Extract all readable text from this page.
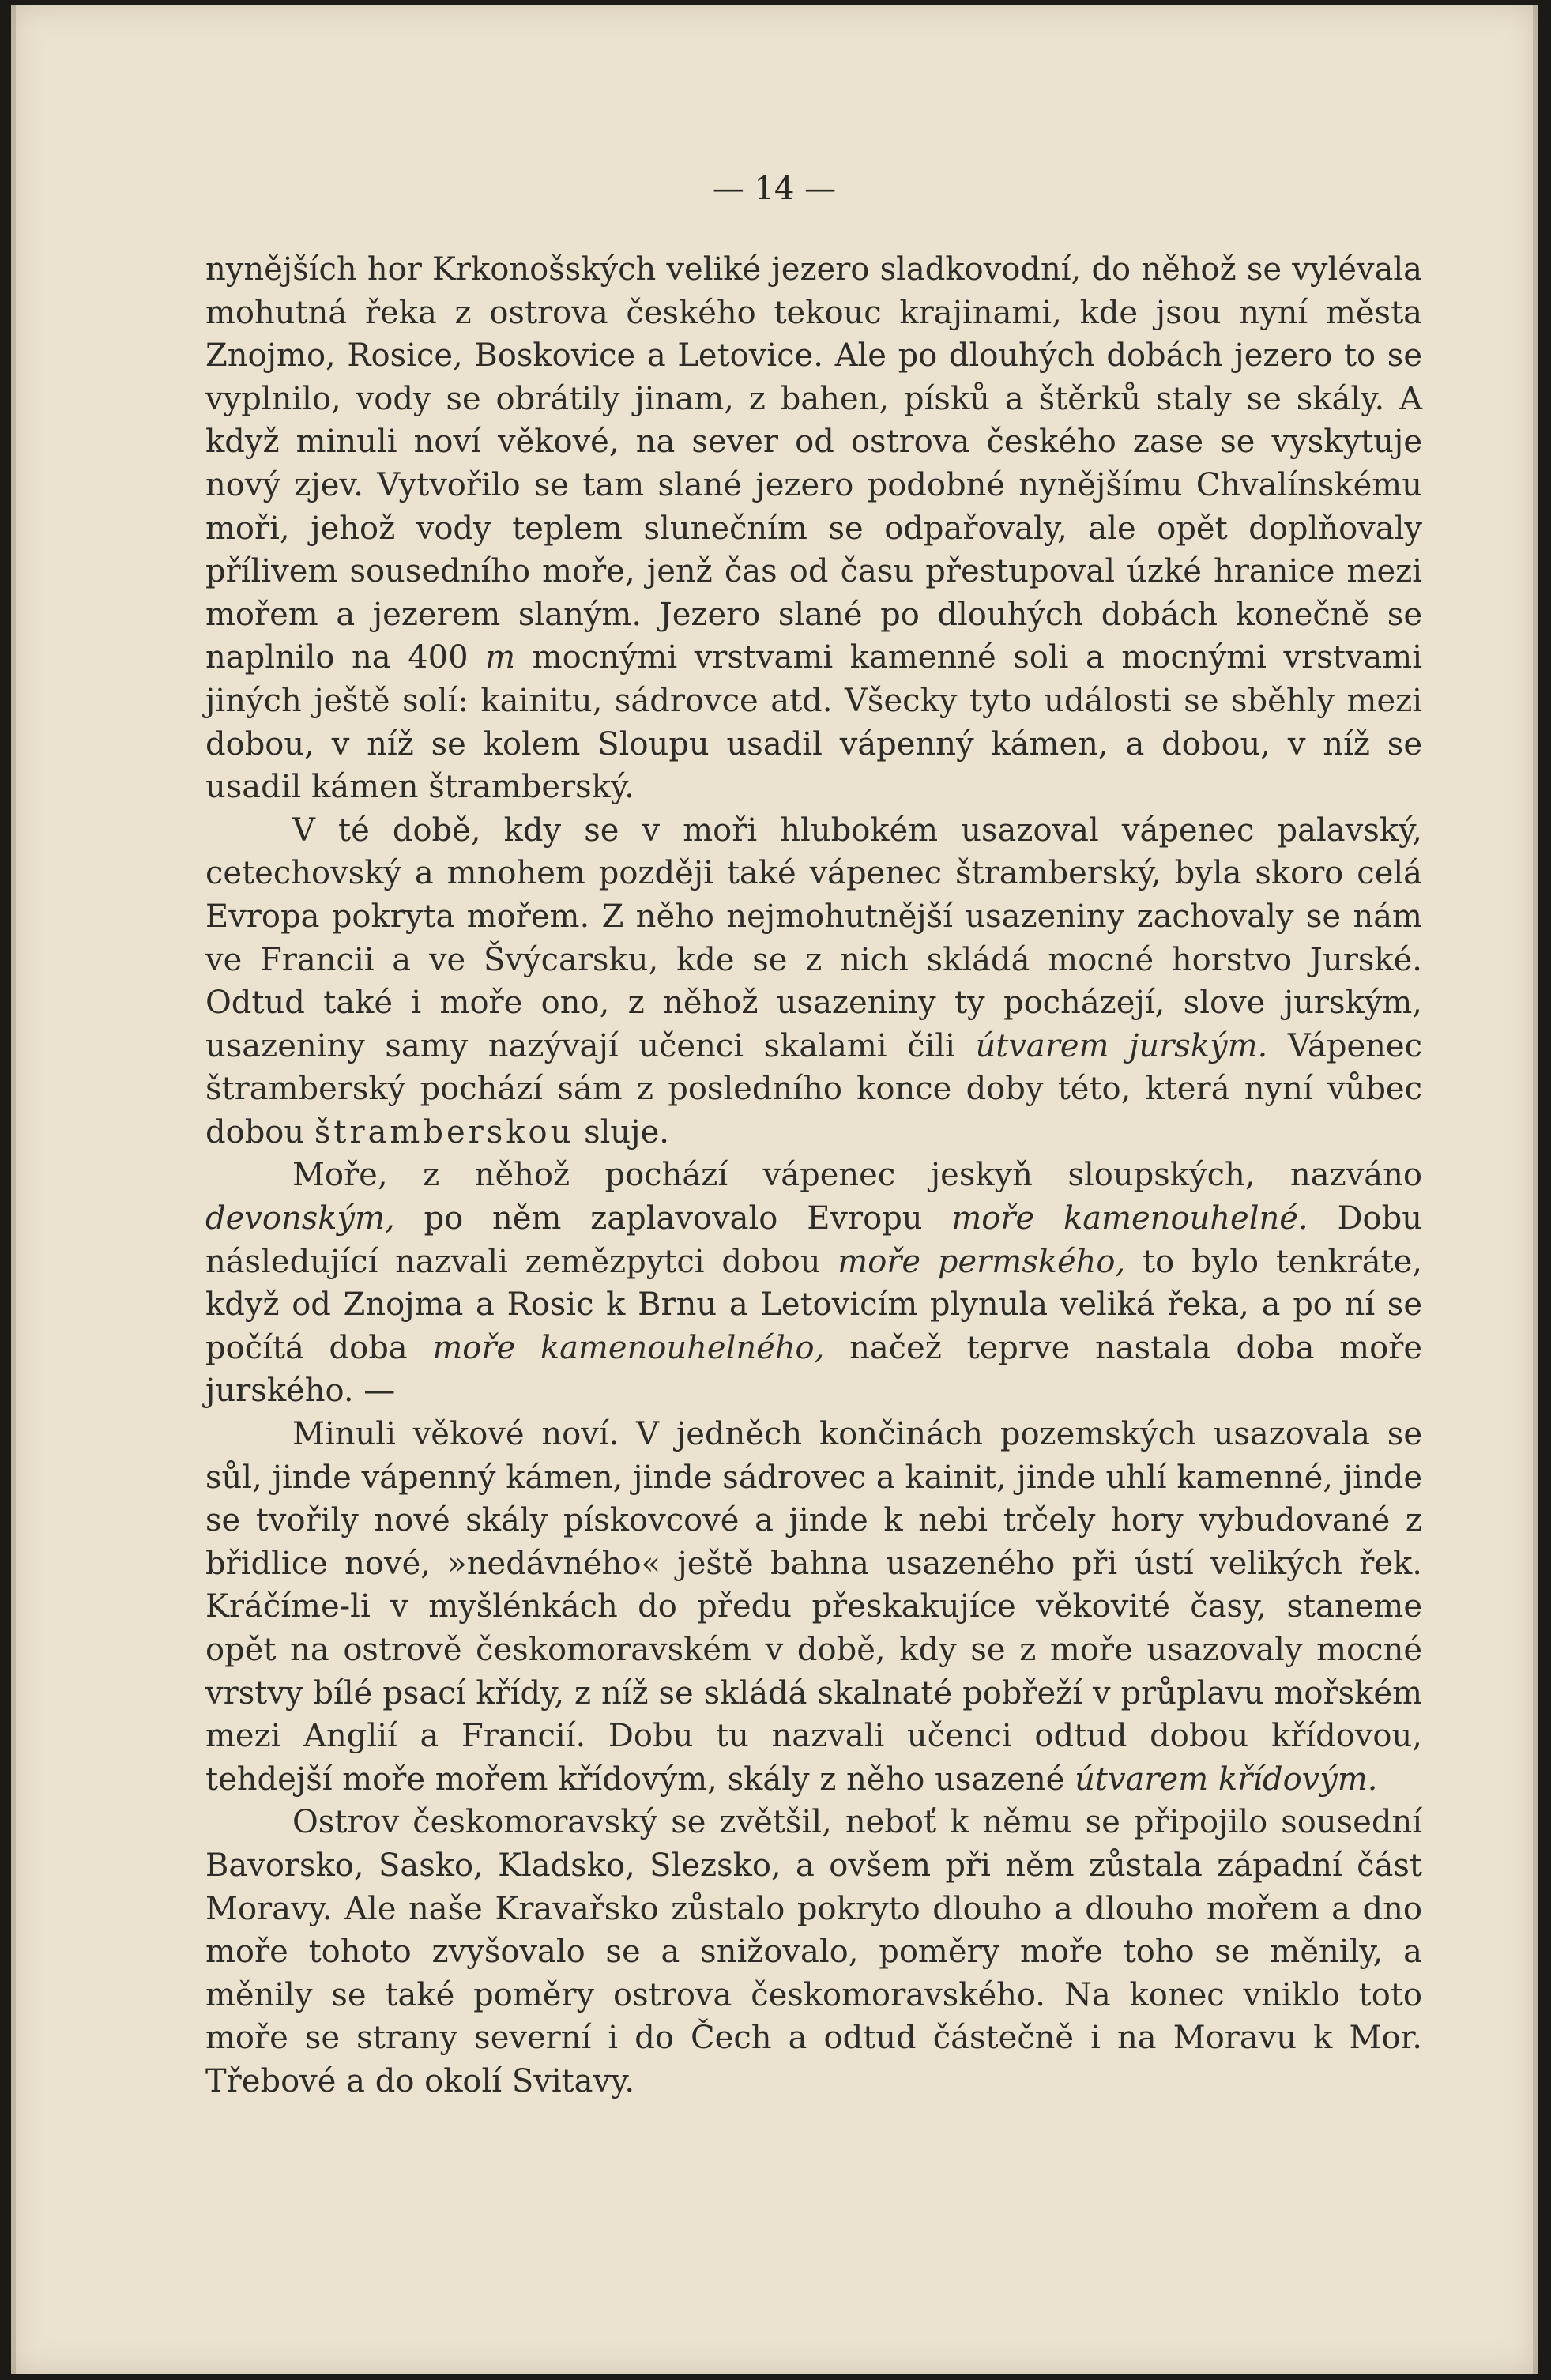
— 14 —

nynějších hor Krkonošských veliké jezero sladkovodní, do něhož se vylévala mohutná řeka z ostrova českého tekouc krajinami, kde jsou nyní města Znojmo, Rosice, Boskovice a Letovice. Ale po dlouhých dobách jezero to se vyplnilo, vody se obrátily jinam, z bahen, písků a štěrků staly se skály. A když minuli noví věkové, na sever od ostrova českého zase se vyskytuje nový zjev. Vytvořilo se tam slané jezero podobné nynějšímu Chvalínskému moři, jehož vody teplem slunečním se odpařovaly, ale opět doplňovaly přílivem sousedního moře, jenž čas od času přestupoval úzké hranice mezi mořem a jezerem slaným. Jezero slané po dlouhých dobách konečně se naplnilo na 400 m mocnými vrstvami kamenné soli a mocnými vrstvami jiných ještě solí: kainitu, sádrovce atd. Všecky tyto události se sběhly mezi dobou, v níž se kolem Sloupu usadil vápenný kámen, a dobou, v níž se usadil kámen štramberský.

V té době, kdy se v moři hlubokém usazoval vápenec palavský, cetechovský a mnohem později také vápenec štramberský, byla skoro celá Evropa pokryta mořem. Z něho nejmohutnější usazeniny zachovaly se nám ve Francii a ve Švýcarsku, kde se z nich skládá mocné horstvo Jurské. Odtud také i moře ono, z něhož usazeniny ty pocházejí, slove jurským, usazeniny samy nazývají učenci skalami čili útvarem jurským. Vápenec štramberský pochází sám z posledního konce doby této, která nyní vůbec dobou štramberskou sluje.

Moře, z něhož pochází vápenec jeskyň sloupských, nazváno devonským, po něm zaplavovalo Evropu moře kamenouhelné. Dobu následující nazvali zemězpytci dobou moře permského, to bylo tenkráte, když od Znojma a Rosic k Brnu a Letovicím plynula veliká řeka, a po ní se počítá doba moře kamenouhelného, načež teprve nastala doba moře jurského. —

Minuli věkové noví. V jedněch končinách pozemských usazovala se sůl, jinde vápenný kámen, jinde sádrovec a kainit, jinde uhlí kamenné, jinde se tvořily nové skály pískovcové a jinde k nebi trčely hory vybudované z břidlice nové, »nedávného« ještě bahna usazeného při ústí velikých řek. Kráčíme-li v myšlénkách do předu přeskakujíce věkovité časy, staneme opět na ostrově českomoravském v době, kdy se z moře usazovaly mocné vrstvy bílé psací křídy, z níž se skládá skalnaté pobřeží v průplavu mořském mezi Anglií a Francií. Dobu tu nazvali učenci odtud dobou křídovou, tehdejší moře mořem křídovým, skály z něho usazené útvarem křídovým.

Ostrov českomoravský se zvětšil, neboť k němu se připojilo sousední Bavorsko, Sasko, Kladsko, Slezsko, a ovšem při něm zůstala západní část Moravy. Ale naše Kravařsko zůstalo pokryto dlouho a dlouho mořem a dno moře tohoto zvyšovalo se a snižovalo, poměry moře toho se měnily, a měnily se také poměry ostrova českomoravského. Na konec vniklo toto moře se strany severní i do Čech a odtud částečně i na Moravu k Mor. Třebové a do okolí Svitavy.
